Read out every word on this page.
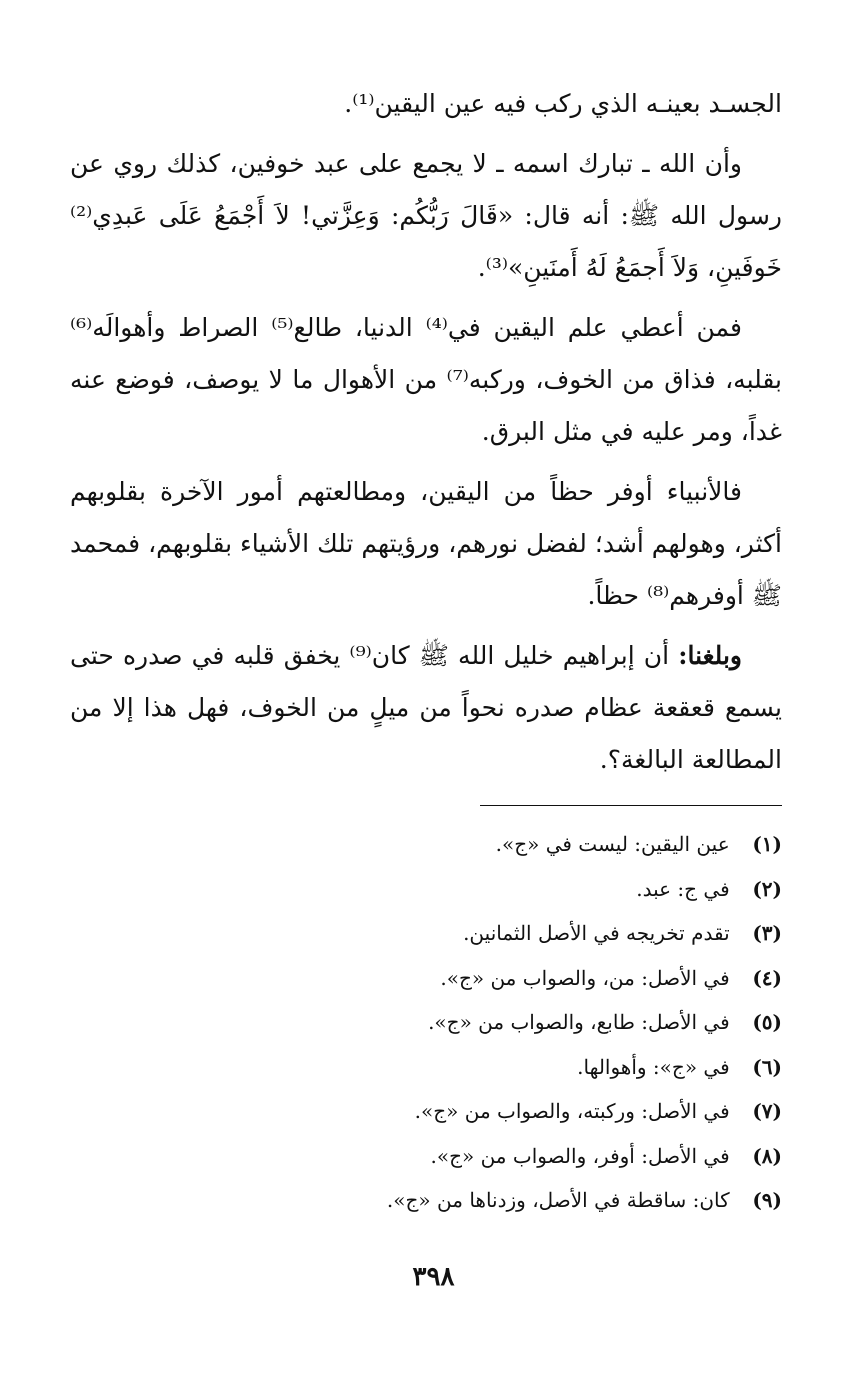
الجسـد بعينـه الذي ركب فيه عين اليقين⁽¹⁾.

وأن الله ـ تبارك اسمه ـ لا يجمع على عبد خوفين، كذلك روي عن رسول الله ﷺ: أنه قال: «قَالَ رَبُّكُم: وَعِزَّتي! لاَ أَجْمَعُ عَلَى عَبدِي⁽²⁾ خَوفَينِ، وَلاَ أَجمَعُ لَهُ أَمنَينِ»⁽³⁾.

فمن أعطي علم اليقين في⁽⁴⁾ الدنيا، طالع⁽⁵⁾ الصراط وأهوالَه⁽⁶⁾ بقلبه، فذاق من الخوف، وركبه⁽⁷⁾ من الأهوال ما لا يوصف، فوضع عنه غداً، ومر عليه في مثل البرق.

فالأنبياء أوفر حظاً من اليقين، ومطالعتهم أمور الآخرة بقلوبهم أكثر، وهولهم أشد؛ لفضل نورهم، ورؤيتهم تلك الأشياء بقلوبهم، فمحمد ﷺ أوفرهم⁽⁸⁾ حظاً.

وبلغنا: أن إبراهيم خليل الله ﷺ كان⁽⁹⁾ يخفق قلبه في صدره حتى يسمع قعقعة عظام صدره نحواً من ميلٍ من الخوف، فهل هذا إلا من المطالعة البالغة؟.

(١) عين اليقين: ليست في «ج».
(٢) في ج: عبد.
(٣) تقدم تخريجه في الأصل الثمانين.
(٤) في الأصل: من، والصواب من «ج».
(٥) في الأصل: طابع، والصواب من «ج».
(٦) في «ج»: وأهوالها.
(٧) في الأصل: وركبته، والصواب من «ج».
(٨) في الأصل: أوفر، والصواب من «ج».
(٩) كان: ساقطة في الأصل، وزدناها من «ج».
٣٩٨
